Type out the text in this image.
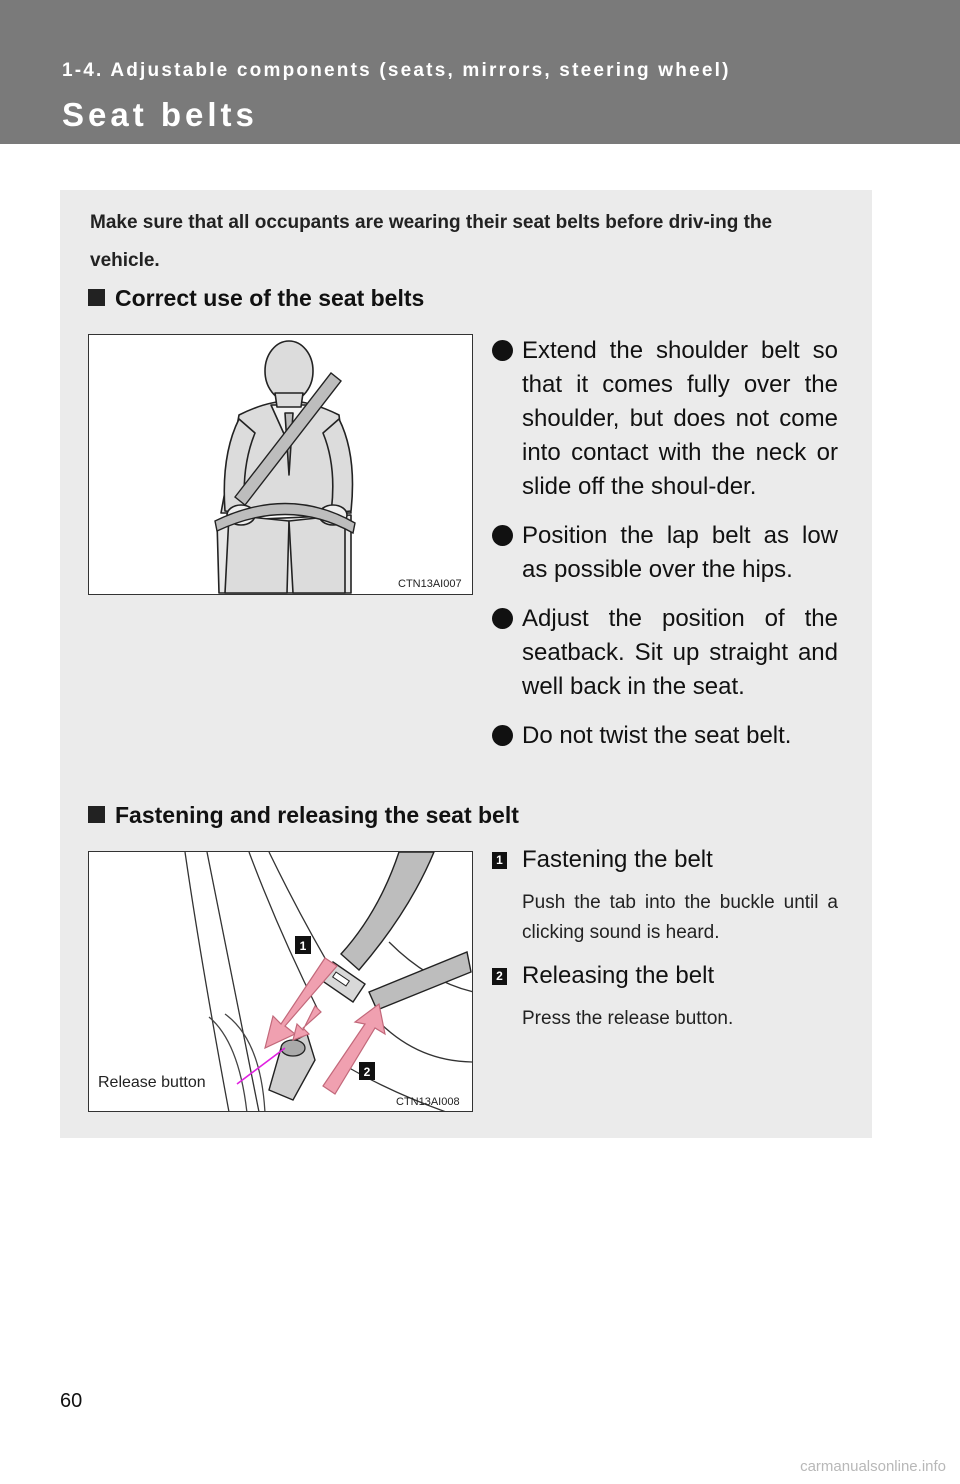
1-4. Adjustable components (seats, mirrors, steering wheel)
Seat belts
Make sure that all occupants are wearing their seat belts before driv-ing the vehicle.
Correct use of the seat belts
CTN13AI007
Extend the shoulder belt so that it comes fully over the shoulder, but does not come into contact with the neck or slide off the shoul-der.
Position the lap belt as low as possible over the hips.
Adjust the position of the seatback. Sit up straight and well back in the seat.
Do not twist the seat belt.
Fastening and releasing the seat belt
1
2
Release button
CTN13AI008
1 Fastening the belt
Push the tab into the buckle until a clicking sound is heard.
2 Releasing the belt
Press the release button.
60
carmanualsonline.info
